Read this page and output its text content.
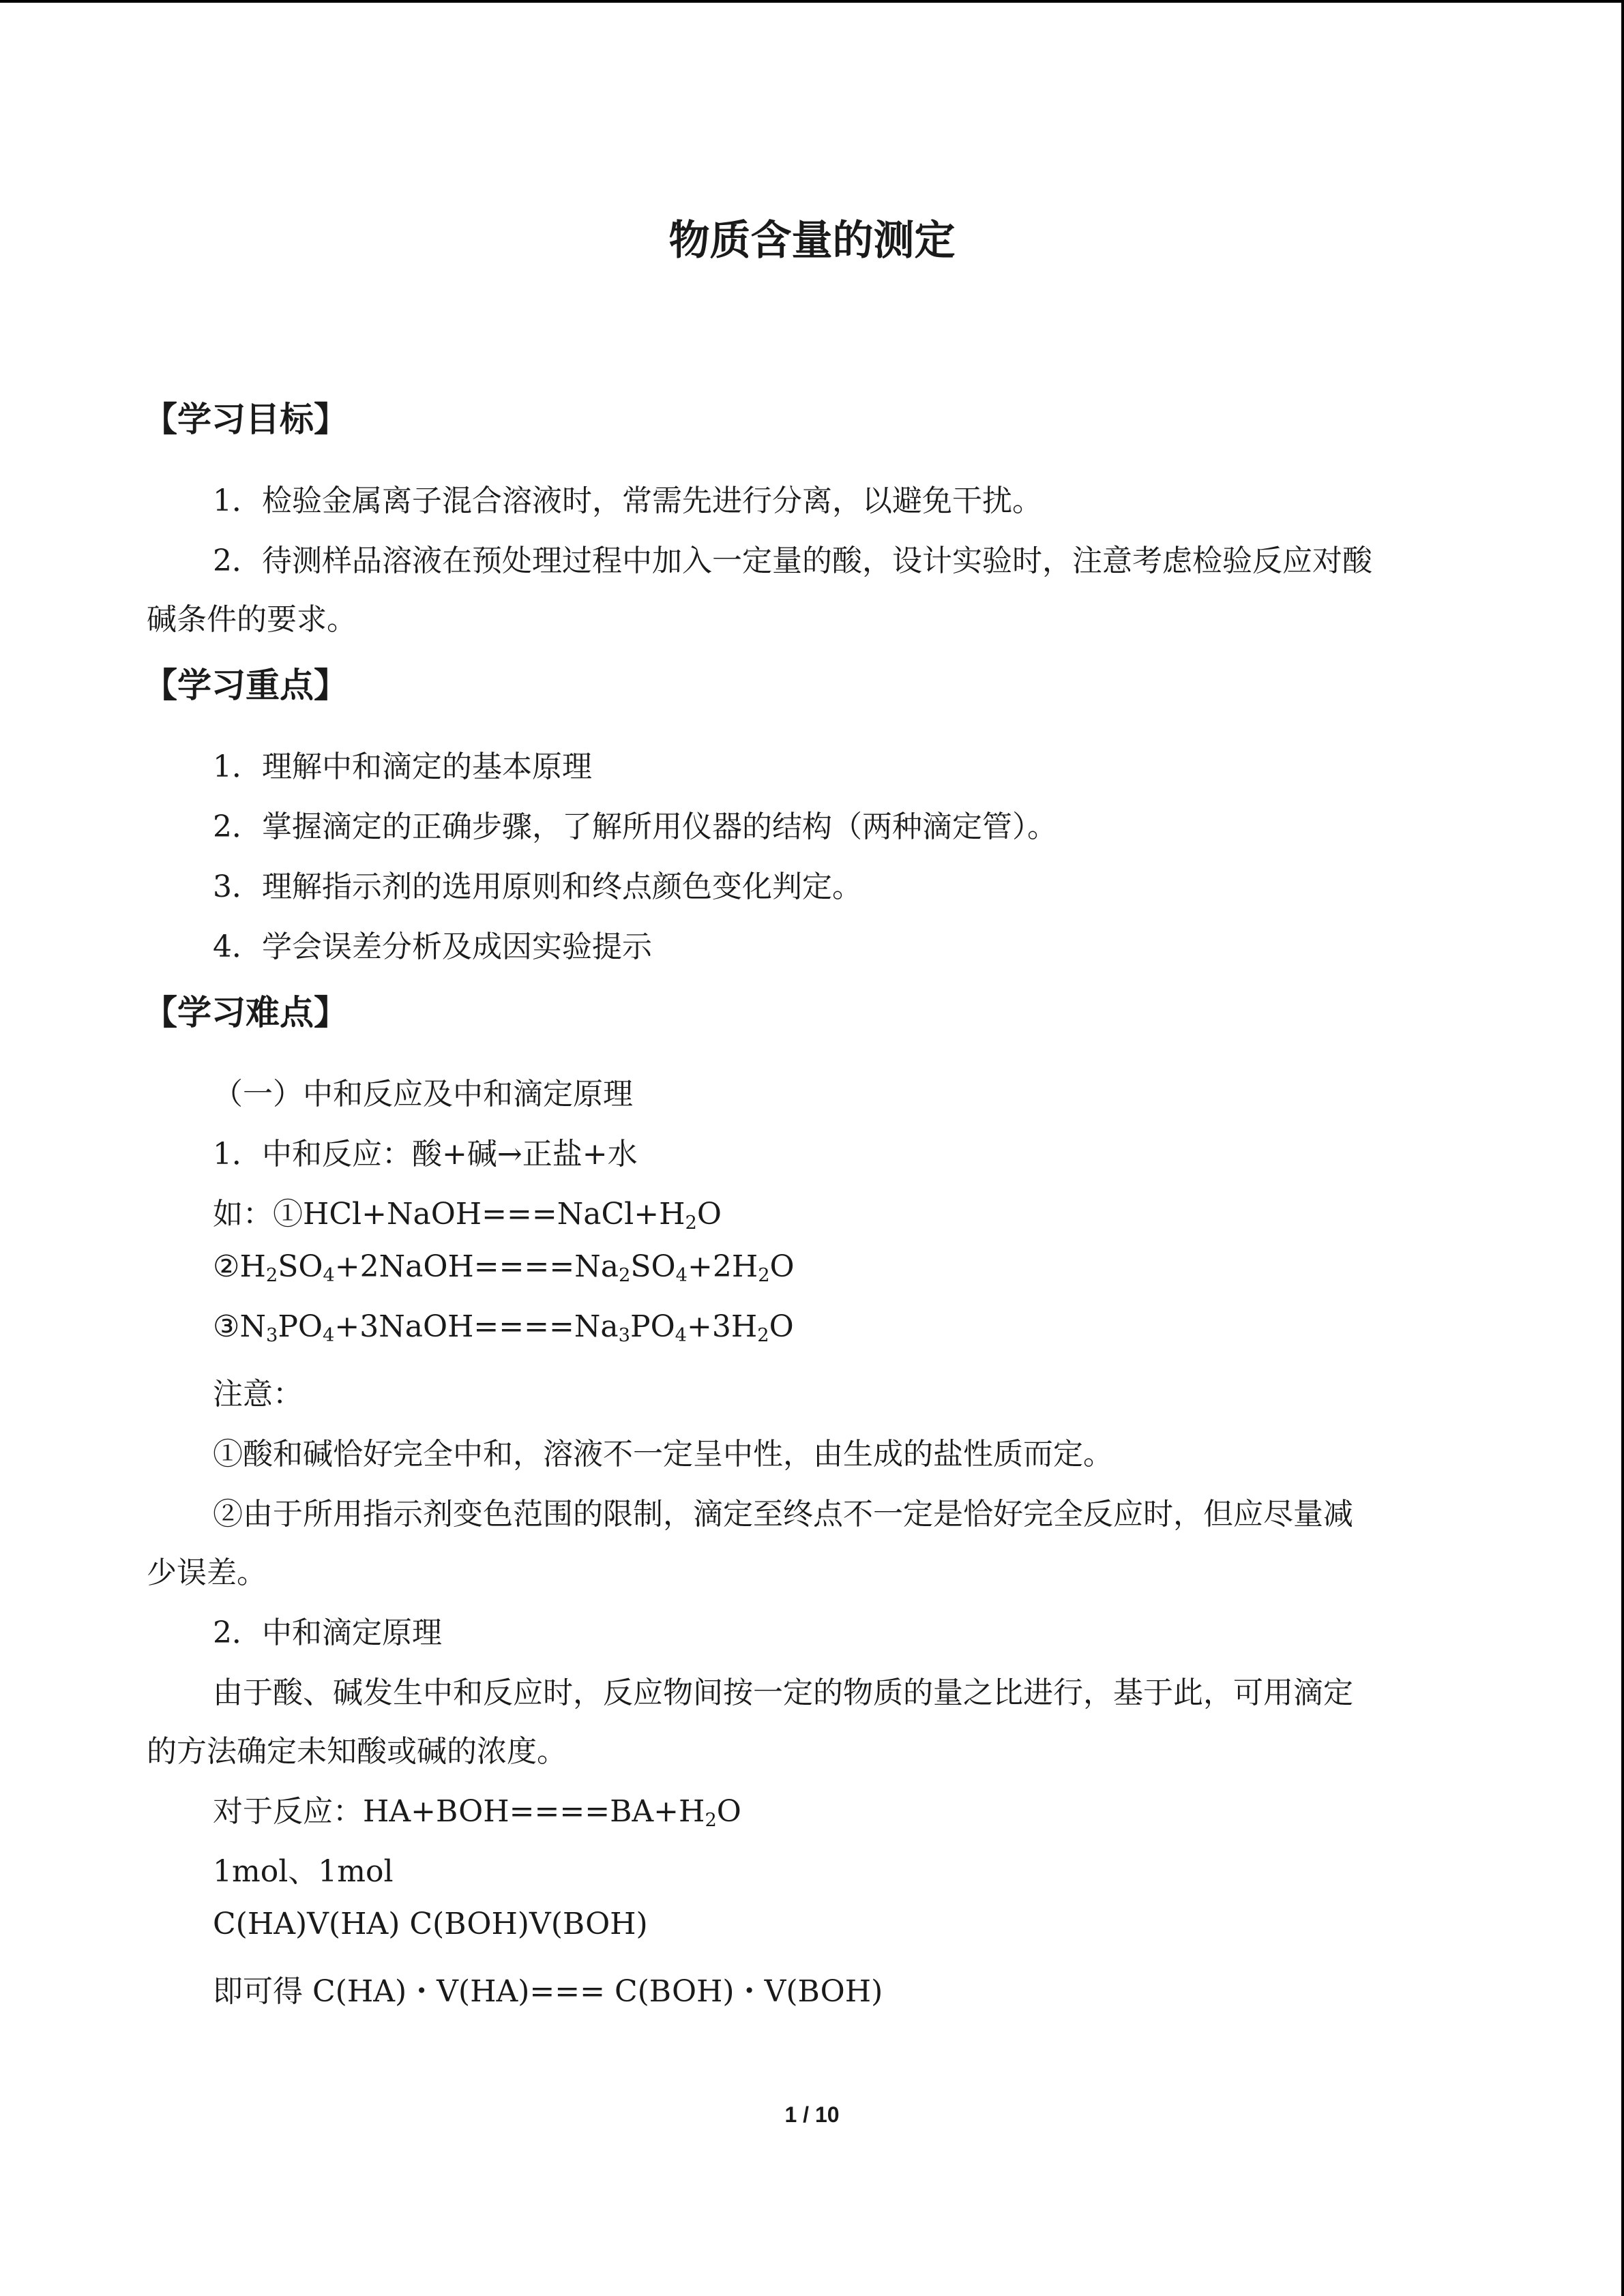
物质含量的测定
【学习目标】
1．检验金属离子混合溶液时，常需先进行分离，以避免干扰。
2．待测样品溶液在预处理过程中加入一定量的酸，设计实验时，注意考虑检验反应对酸
碱条件的要求。
【学习重点】
1．理解中和滴定的基本原理
2．掌握滴定的正确步骤，了解所用仪器的结构（两种滴定管）。
3．理解指示剂的选用原则和终点颜色变化判定。
4．学会误差分析及成因实验提示
【学习难点】
（一）中和反应及中和滴定原理
1．中和反应：酸+碱→正盐+水
如：$①HCl+NaOH===NaCl+H_2O$
$②H_2SO_4+2NaOH====Na_2SO_4+2H_2O$
$③N_3PO_4+3NaOH====Na_3PO_4+3H_2O$
注意：
①酸和碱恰好完全中和，溶液不一定呈中性，由生成的盐性质而定。
②由于所用指示剂变色范围的限制，滴定至终点不一定是恰好完全反应时，但应尽量减
少误差。
2．中和滴定原理
由于酸、碱发生中和反应时，反应物间按一定的物质的量之比进行，基于此，可用滴定
的方法确定未知酸或碱的浓度。
对于反应：$HA+BOH====BA+H_2O$
1mol、1mol
C(HA)V(HA) C(BOH)V(BOH)
即可得 C(HA)・V(HA)=== C(BOH)・V(BOH)
1 / 10
